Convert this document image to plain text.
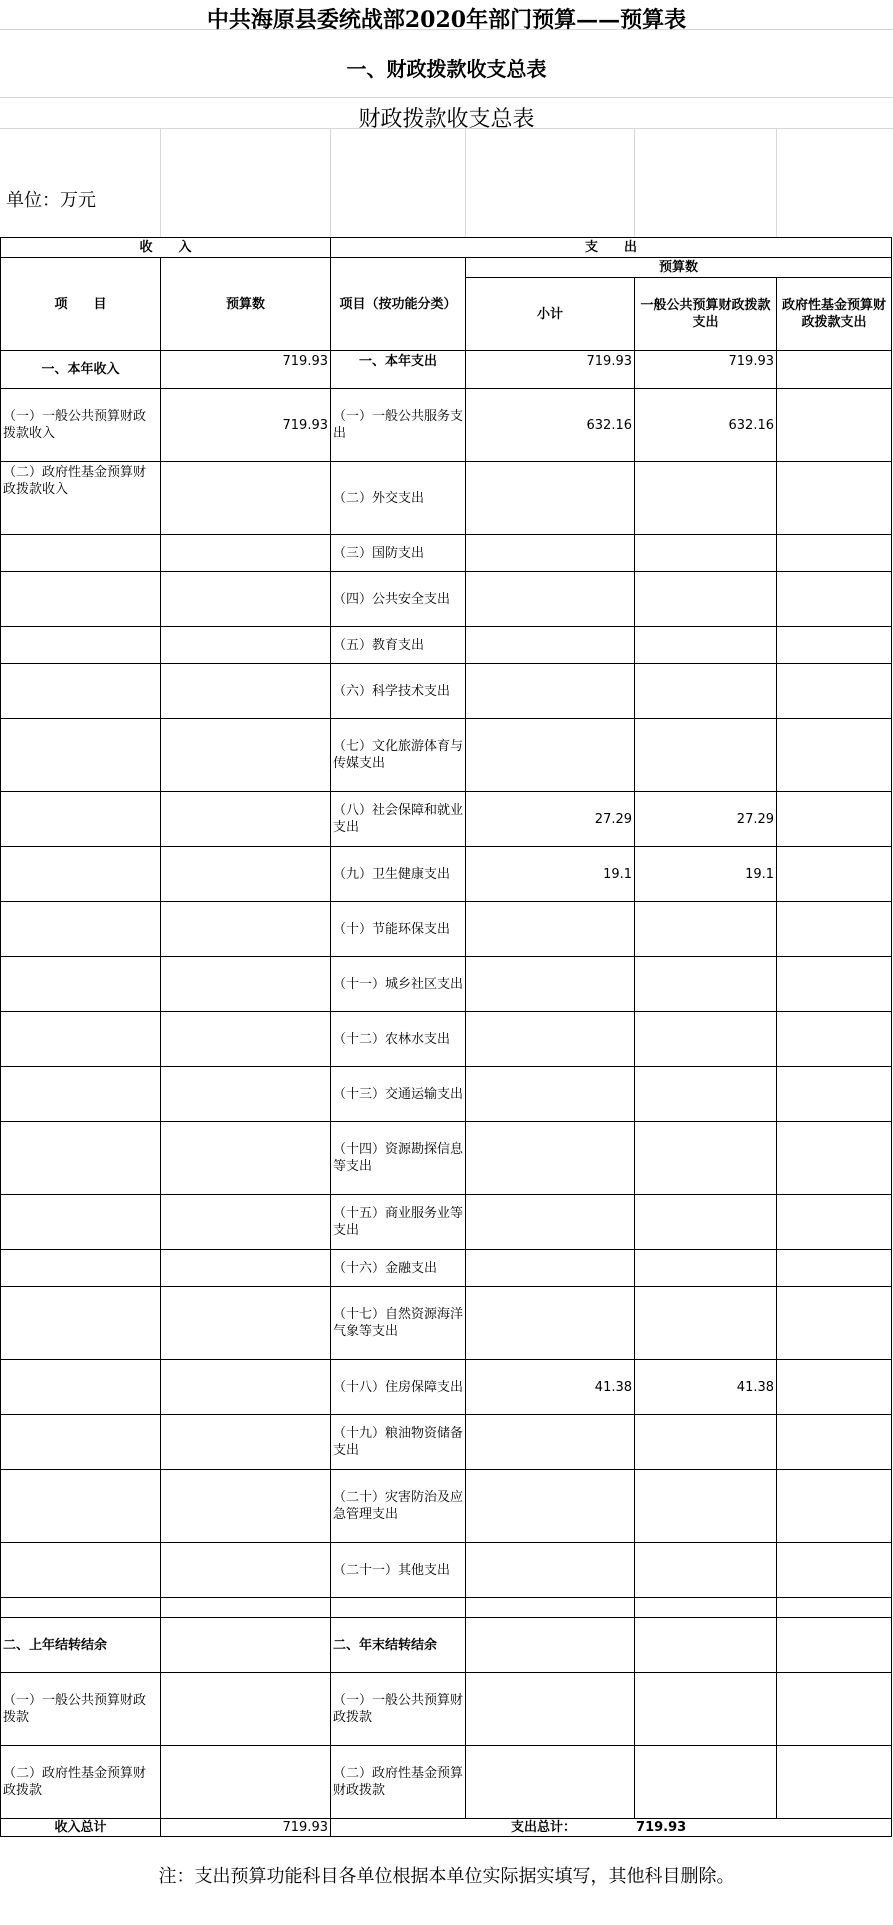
中共海原县委统战部2020年部门预算——预算表
一、财政拨款收支总表
财政拨款收支总表
单位：万元
收　　入		支　　出			
项　　目	预算数	项目（按功能分类）	预算数		
			小计	一般公共预算财政拨款支出	政府性基金预算财政拨款支出
一、本年收入	719.93	一、本年支出	719.93	719.93	
（一）一般公共预算财政拨款收入	719.93	（一）一般公共服务支出	632.16	632.16	
（二）政府性基金预算财政拨款收入		（二）外交支出			
		（三）国防支出			
		（四）公共安全支出			
		（五）教育支出			
		（六）科学技术支出			
		（七）文化旅游体育与传媒支出			
		（八）社会保障和就业支出	27.29	27.29	
		（九）卫生健康支出	19.1	19.1	
		（十）节能环保支出			
		（十一）城乡社区支出			
		（十二）农林水支出			
		（十三）交通运输支出			
		（十四）资源勘探信息等支出			
		（十五）商业服务业等支出			
		（十六）金融支出			
		（十七）自然资源海洋气象等支出			
		（十八）住房保障支出	41.38	41.38	
		（十九）粮油物资储备支出			
		（二十）灾害防治及应急管理支出			
		（二十一）其他支出			

二、上年结转结余		二、年末结转结余			
（一）一般公共预算财政拨款		（一）一般公共预算财政拨款			
（二）政府性基金预算财政拨款		（二）政府性基金预算财政拨款			
收入总计	719.93	支出总计： 719.93			
注：支出预算功能科目各单位根据本单位实际据实填写，其他科目删除。
